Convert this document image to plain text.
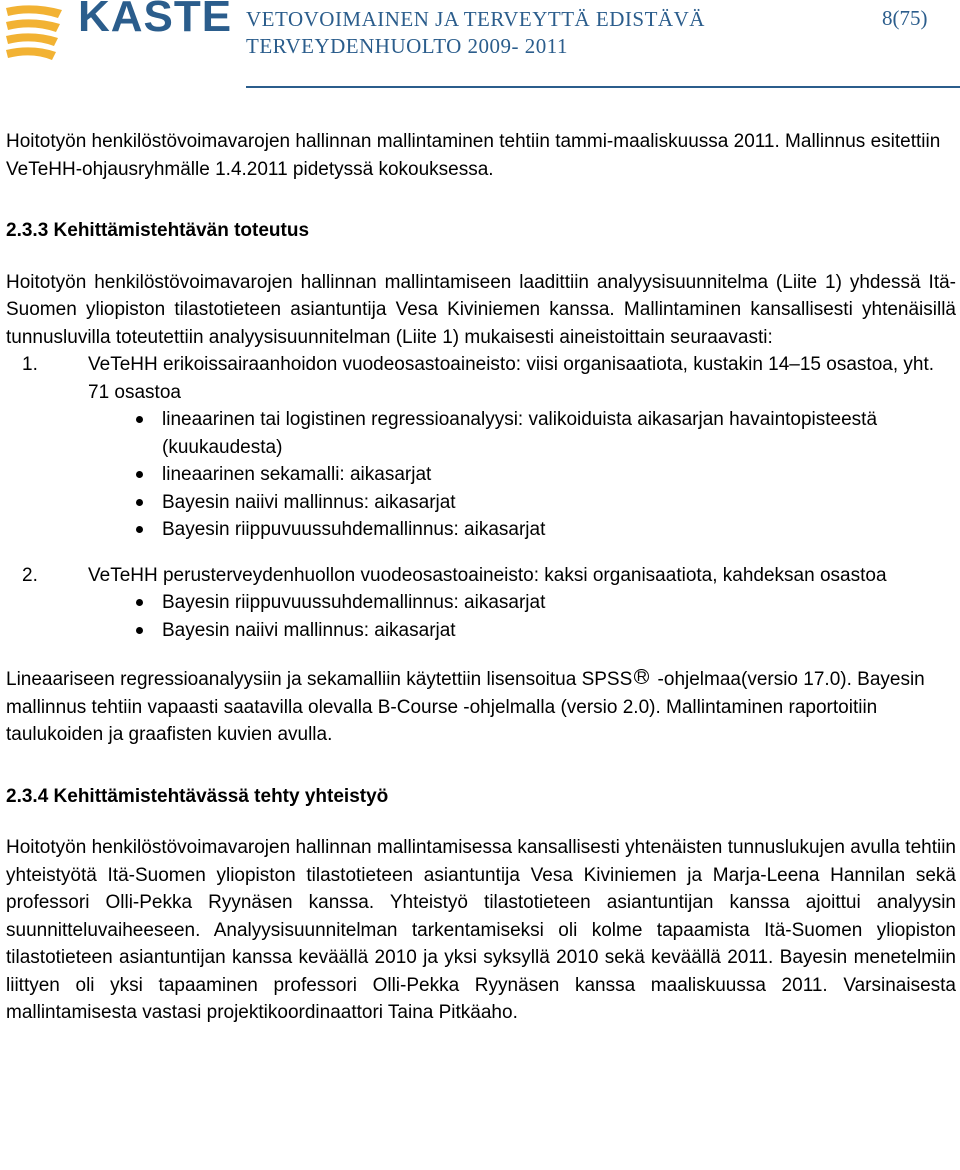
KASTE VETOVOIMAINEN JA TERVEYTTÄ EDISTÄVÄ
TERVEYDENHUOLTO 2009- 2011
8(75)

Hoitotyön henkilöstövoimavarojen hallinnan mallintaminen tehtiin tammi-maaliskuussa 2011. Mallinnus esitettiin VeTeHH-ohjausryhmälle 1.4.2011 pidetyssä kokouksessa.

2.3.3 Kehittämistehtävän toteutus

Hoitotyön henkilöstövoimavarojen hallinnan mallintamiseen laadittiin analyysisuunnitelma (Liite 1) yhdessä Itä-Suomen yliopiston tilastotieteen asiantuntija Vesa Kiviniemen kanssa. Mallintaminen kansallisesti yhtenäisillä tunnusluvilla toteutettiin analyysisuunnitelman (Liite 1) mukaisesti aineistoittain seuraavasti:

1.	VeTeHH erikoissairaanhoidon vuodeosastoaineisto: viisi organisaatiota, kustakin 14–15 osastoa, yht. 71 osastoa
lineaarinen tai logistinen regressioanalyysi: valikoiduista aikasarjan havaintopisteestä (kuukaudesta)
lineaarinen sekamalli: aikasarjat
Bayesin naiivi mallinnus: aikasarjat
Bayesin riippuvuussuhdemallinnus: aikasarjat
2.	VeTeHH perusterveydenhuollon vuodeosastoaineisto: kaksi organisaatiota, kahdeksan osastoa
Bayesin riippuvuussuhdemallinnus: aikasarjat
Bayesin naiivi mallinnus: aikasarjat

Lineaariseen regressioanalyysiin ja sekamalliin käytettiin lisensoitua SPSS R -ohjelmaa(versio 17.0). Bayesin mallinnus tehtiin vapaasti saatavilla olevalla B-Course -ohjelmalla (versio 2.0). Mallintaminen raportoitiin taulukoiden ja graafisten kuvien avulla.

2.3.4 Kehittämistehtävässä tehty yhteistyö

Hoitotyön henkilöstövoimavarojen hallinnan mallintamisessa kansallisesti yhtenäisten tunnuslukujen avulla tehtiin yhteistyötä Itä-Suomen yliopiston tilastotieteen asiantuntija Vesa Kiviniemen ja Marja-Leena Hannilan sekä professori Olli-Pekka Ryynäsen kanssa. Yhteistyö tilastotieteen asiantuntijan kanssa ajoittui analyysin suunnitteluvaiheeseen. Analyysisuunnitelman tarkentamiseksi oli kolme tapaamista Itä-Suomen yliopiston tilastotieteen asiantuntijan kanssa keväällä 2010 ja yksi syksyllä 2010 sekä keväällä 2011. Bayesin menetelmiin liittyen oli yksi tapaaminen professori Olli-Pekka Ryynäsen kanssa maaliskuussa 2011. Varsinaisesta mallintamisesta vastasi projektikoordinaattori Taina Pitkäaho.
